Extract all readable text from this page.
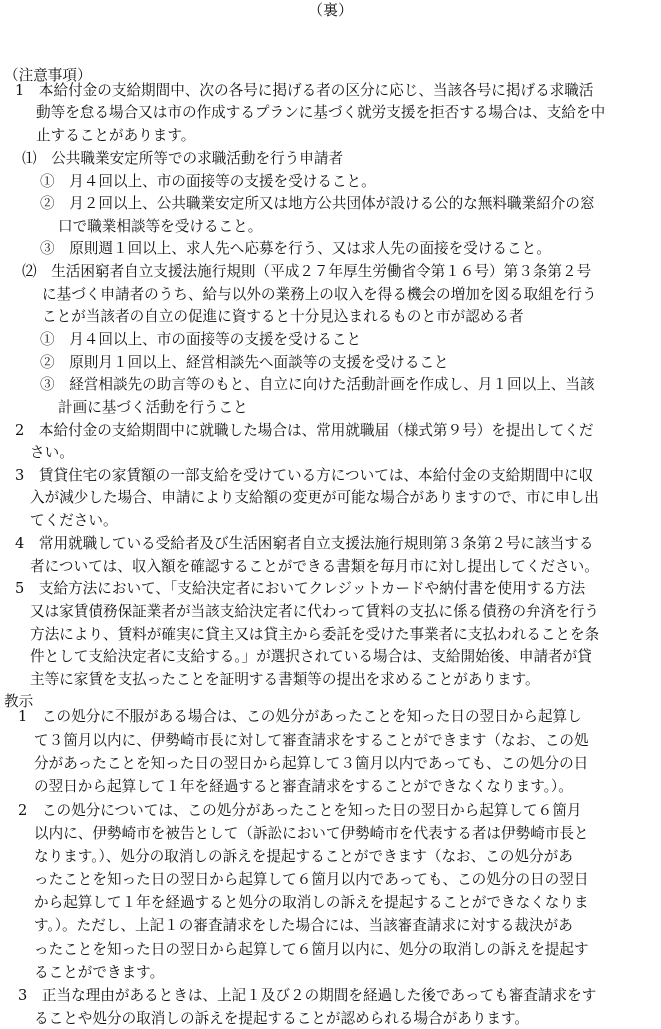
（裏）
（注意事項）
1　本給付金の支給期間中、次の各号に掲げる者の区分に応じ、当該各号に掲げる求職活
動等を怠る場合又は市の作成するプランに基づく就労支援を拒否する場合は、支給を中
止することがあります。
⑴　公共職業安定所等での求職活動を行う申請者
①　月４回以上、市の面接等の支援を受けること。
②　月２回以上、公共職業安定所又は地方公共団体が設ける公的な無料職業紹介の窓
口で職業相談等を受けること。
③　原則週１回以上、求人先へ応募を行う、又は求人先の面接を受けること。
⑵　生活困窮者自立支援法施行規則（平成２７年厚生労働省令第１６号）第３条第２号
に基づく申請者のうち、給与以外の業務上の収入を得る機会の増加を図る取組を行う
ことが当該者の自立の促進に資すると十分見込まれるものと市が認める者
①　月４回以上、市の面接等の支援を受けること
②　原則月１回以上、経営相談先へ面談等の支援を受けること
③　経営相談先の助言等のもと、自立に向けた活動計画を作成し、月１回以上、当該
計画に基づく活動を行うこと
2　本給付金の支給期間中に就職した場合は、常用就職届（様式第９号）を提出してくだ
さい。
3　賃貸住宅の家賃額の一部支給を受けている方については、本給付金の支給期間中に収
入が減少した場合、申請により支給額の変更が可能な場合がありますので、市に申し出
てください。
4　常用就職している受給者及び生活困窮者自立支援法施行規則第３条第２号に該当する
者については、収入額を確認することができる書類を毎月市に対し提出してください。
5　支給方法において、「支給決定者においてクレジットカードや納付書を使用する方法
又は家賃債務保証業者が当該支給決定者に代わって賃料の支払に係る債務の弁済を行う
方法により、賃料が確実に貸主又は貸主から委託を受けた事業者に支払われることを条
件として支給決定者に支給する。」が選択されている場合は、支給開始後、申請者が貸
主等に家賃を支払ったことを証明する書類等の提出を求めることがあります。
教示
1　この処分に不服がある場合は、この処分があったことを知った日の翌日から起算し
て３箇月以内に、伊勢崎市長に対して審査請求をすることができます（なお、この処
分があったことを知った日の翌日から起算して３箇月以内であっても、この処分の日
の翌日から起算して１年を経過すると審査請求をすることができなくなります。）。
2　この処分については、この処分があったことを知った日の翌日から起算して６箇月
以内に、伊勢崎市を被告として（訴訟において伊勢崎市を代表する者は伊勢崎市長と
なります。）、処分の取消しの訴えを提起することができます（なお、この処分があ
ったことを知った日の翌日から起算して６箇月以内であっても、この処分の日の翌日
から起算して１年を経過すると処分の取消しの訴えを提起することができなくなりま
す。）。ただし、上記１の審査請求をした場合には、当該審査請求に対する裁決があ
ったことを知った日の翌日から起算して６箇月以内に、処分の取消しの訴えを提起す
ることができます。
3　正当な理由があるときは、上記１及び２の期間を経過した後であっても審査請求をす
ることや処分の取消しの訴えを提起することが認められる場合があります。
